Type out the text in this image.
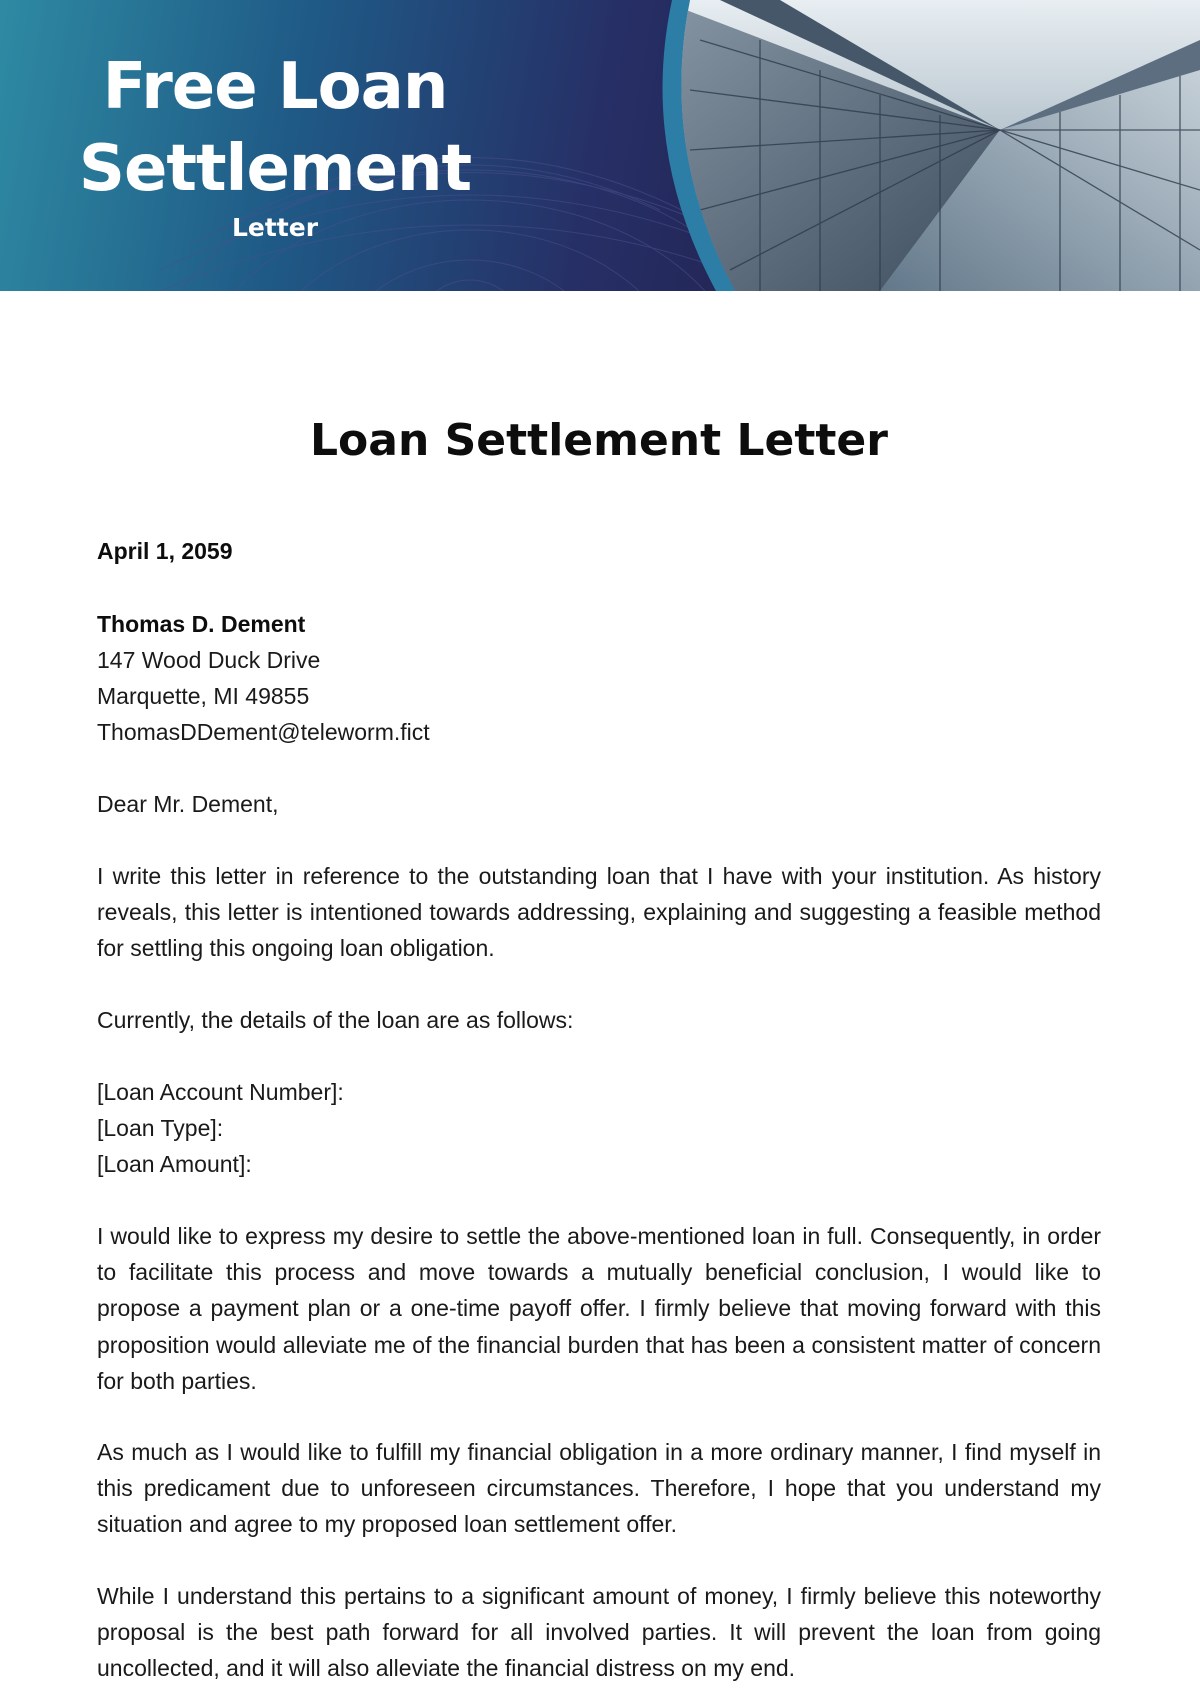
Free Loan
Settlement
Letter
Loan Settlement Letter
April 1, 2059
Thomas D. Dement
147 Wood Duck Drive
Marquette, MI 49855
ThomasDDement@teleworm.fict
Dear Mr. Dement,

I write this letter in reference to the outstanding loan that I have with your institution. As history reveals, this letter is intentioned towards addressing, explaining and suggesting a feasible method for settling this ongoing loan obligation.

Currently, the details of the loan are as follows:
[Loan Account Number]:
[Loan Type]:
[Loan Amount]:

I would like to express my desire to settle the above-mentioned loan in full. Consequently, in order to facilitate this process and move towards a mutually beneficial conclusion, I would like to propose a payment plan or a one-time payoff offer. I firmly believe that moving forward with this proposition would alleviate me of the financial burden that has been a consistent matter of concern for both parties.

As much as I would like to fulfill my financial obligation in a more ordinary manner, I find myself in this predicament due to unforeseen circumstances. Therefore, I hope that you understand my situation and agree to my proposed loan settlement offer.

While I understand this pertains to a significant amount of money, I firmly believe this noteworthy proposal is the best path forward for all involved parties. It will prevent the loan from going uncollected, and it will also alleviate the financial distress on my end.
